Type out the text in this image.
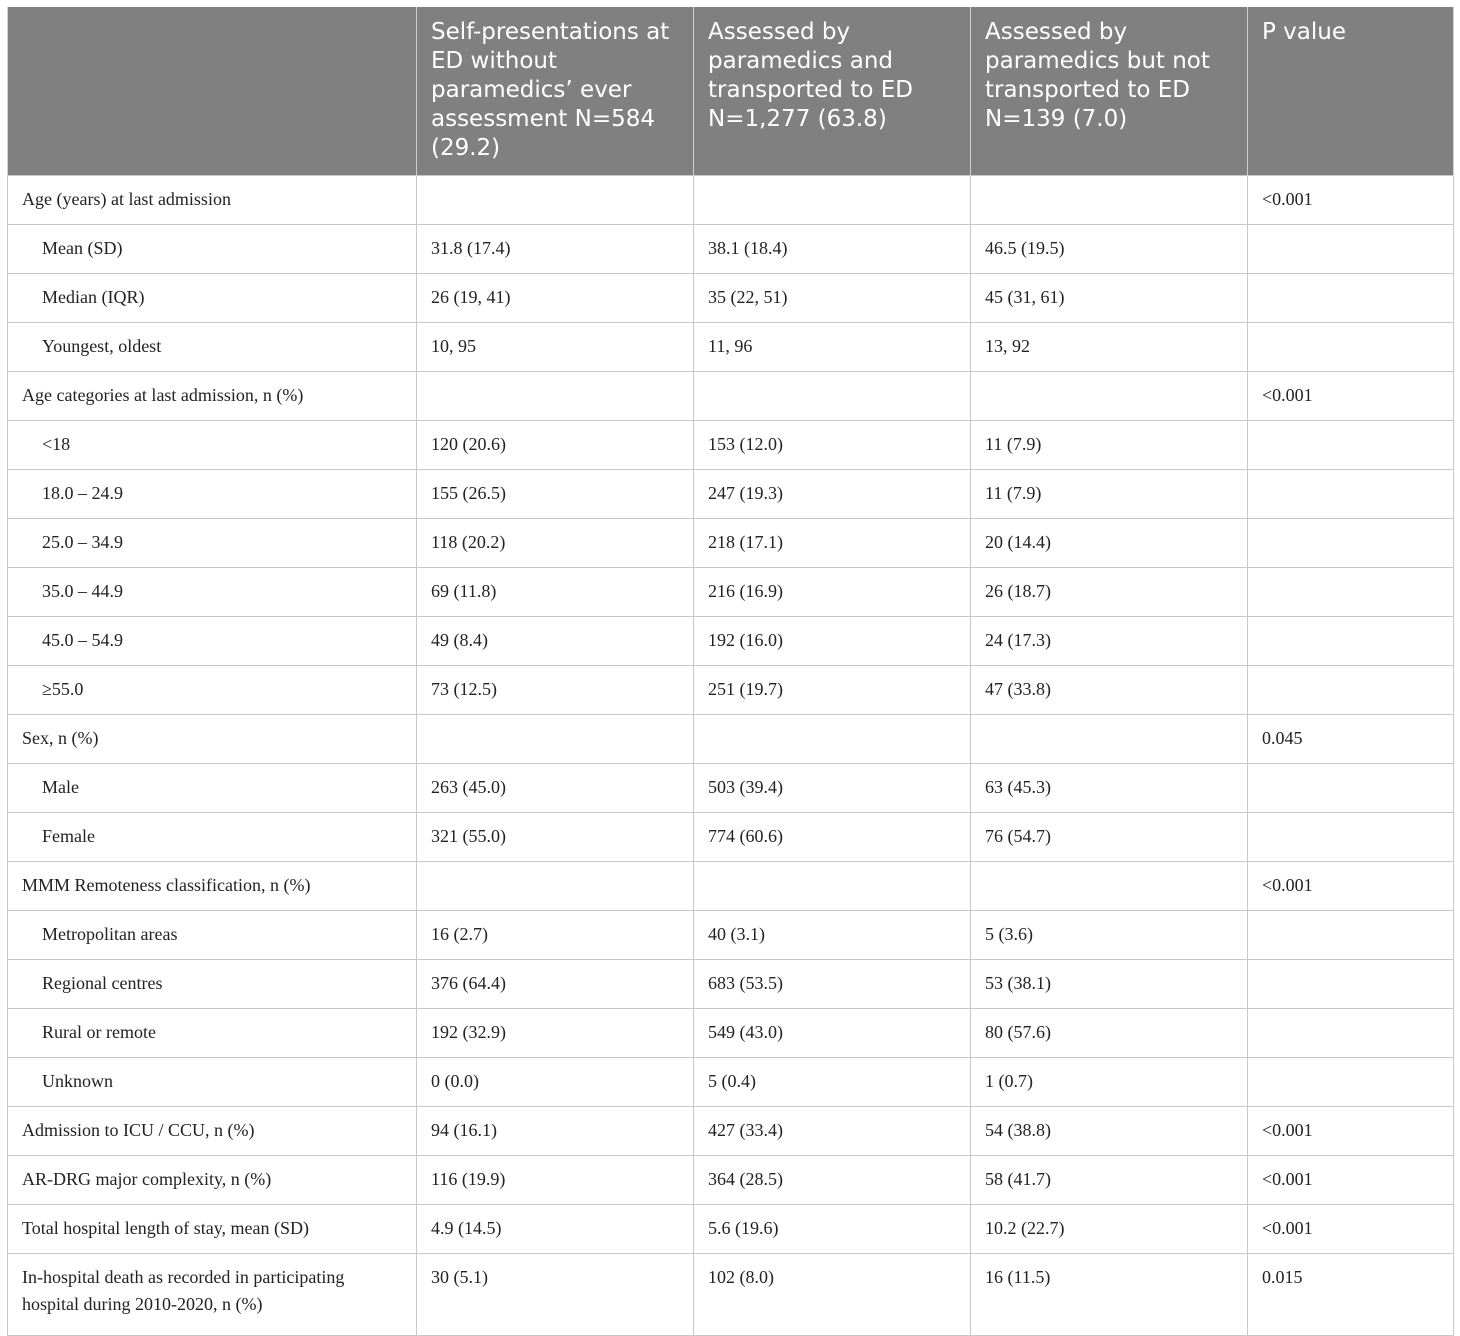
	Self-presentations at ED without paramedics’ ever assessment N=584 (29.2)	Assessed by paramedics and transported to ED N=1,277 (63.8)	Assessed by paramedics but not transported to ED N=139 (7.0)	P value
Age (years) at last admission				<0.001
Mean (SD)	31.8 (17.4)	38.1 (18.4)	46.5 (19.5)	
Median (IQR)	26 (19, 41)	35 (22, 51)	45 (31, 61)	
Youngest, oldest	10, 95	11, 96	13, 92	
Age categories at last admission, n (%)				<0.001
<18	120 (20.6)	153 (12.0)	11 (7.9)	
18.0 – 24.9	155 (26.5)	247 (19.3)	11 (7.9)	
25.0 – 34.9	118 (20.2)	218 (17.1)	20 (14.4)	
35.0 – 44.9	69 (11.8)	216 (16.9)	26 (18.7)	
45.0 – 54.9	49 (8.4)	192 (16.0)	24 (17.3)	
≥55.0	73 (12.5)	251 (19.7)	47 (33.8)	
Sex, n (%)				0.045
Male	263 (45.0)	503 (39.4)	63 (45.3)	
Female	321 (55.0)	774 (60.6)	76 (54.7)	
MMM Remoteness classification, n (%)				<0.001
Metropolitan areas	16 (2.7)	40 (3.1)	5 (3.6)	
Regional centres	376 (64.4)	683 (53.5)	53 (38.1)	
Rural or remote	192 (32.9)	549 (43.0)	80 (57.6)	
Unknown	0 (0.0)	5 (0.4)	1 (0.7)	
Admission to ICU / CCU, n (%)	94 (16.1)	427 (33.4)	54 (38.8)	<0.001
AR-DRG major complexity, n (%)	116 (19.9)	364 (28.5)	58 (41.7)	<0.001
Total hospital length of stay, mean (SD)	4.9 (14.5)	5.6 (19.6)	10.2 (22.7)	<0.001
In-hospital death as recorded in participating hospital during 2010-2020, n (%)	30 (5.1)	102 (8.0)	16 (11.5)	0.015
